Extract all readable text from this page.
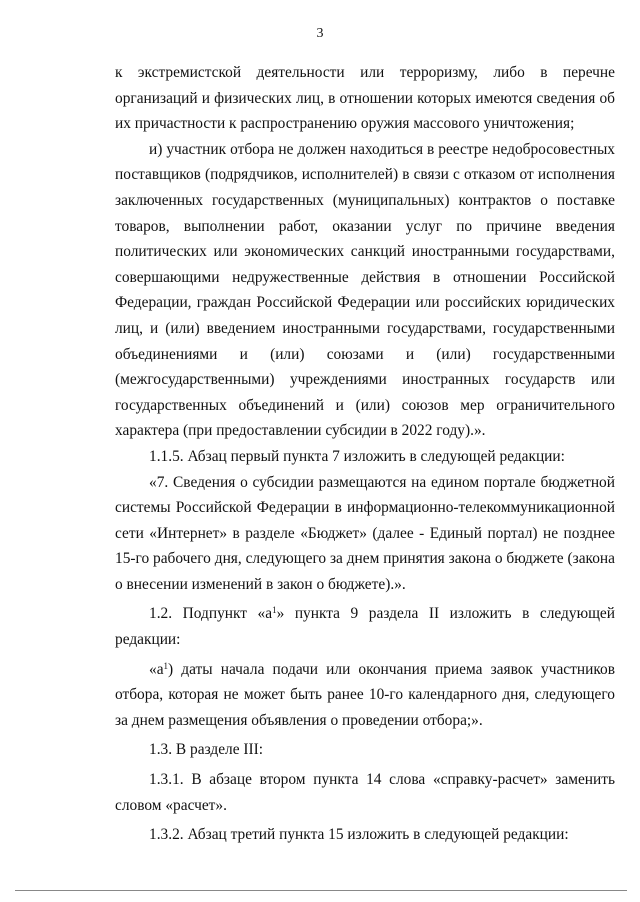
3

к экстремистской деятельности или терроризму, либо в перечне организаций и физических лиц, в отношении которых имеются сведения об их причастности к распространению оружия массового уничтожения;

и) участник отбора не должен находиться в реестре недобросовестных поставщиков (подрядчиков, исполнителей) в связи с отказом от исполнения заключенных государственных (муниципальных) контрактов о поставке товаров, выполнении работ, оказании услуг по причине введения политических или экономических санкций иностранными государствами, совершающими недружественные действия в отношении Российской Федерации, граждан Российской Федерации или российских юридических лиц, и (или) введением иностранными государствами, государственными объединениями и (или) союзами и (или) государственными (межгосударственными) учреждениями иностранных государств или государственных объединений и (или) союзов мер ограничительного характера (при предоставлении субсидии в 2022 году).».

1.1.5. Абзац первый пункта 7 изложить в следующей редакции:

«7. Сведения о субсидии размещаются на едином портале бюджетной системы Российской Федерации в информационно-телекоммуникационной сети «Интернет» в разделе «Бюджет» (далее - Единый портал) не позднее 15-го рабочего дня, следующего за днем принятия закона о бюджете (закона о внесении изменений в закон о бюджете).».

1.2. Подпункт «$а^1$» пункта 9 раздела II изложить в следующей редакции:

«$а^1$) даты начала подачи или окончания приема заявок участников отбора, которая не может быть ранее 10-го календарного дня, следующего за днем размещения объявления о проведении отбора;».

1.3. В разделе III:

1.3.1. В абзаце втором пункта 14 слова «справку-расчет» заменить словом «расчет».

1.3.2. Абзац третий пункта 15 изложить в следующей редакции:
